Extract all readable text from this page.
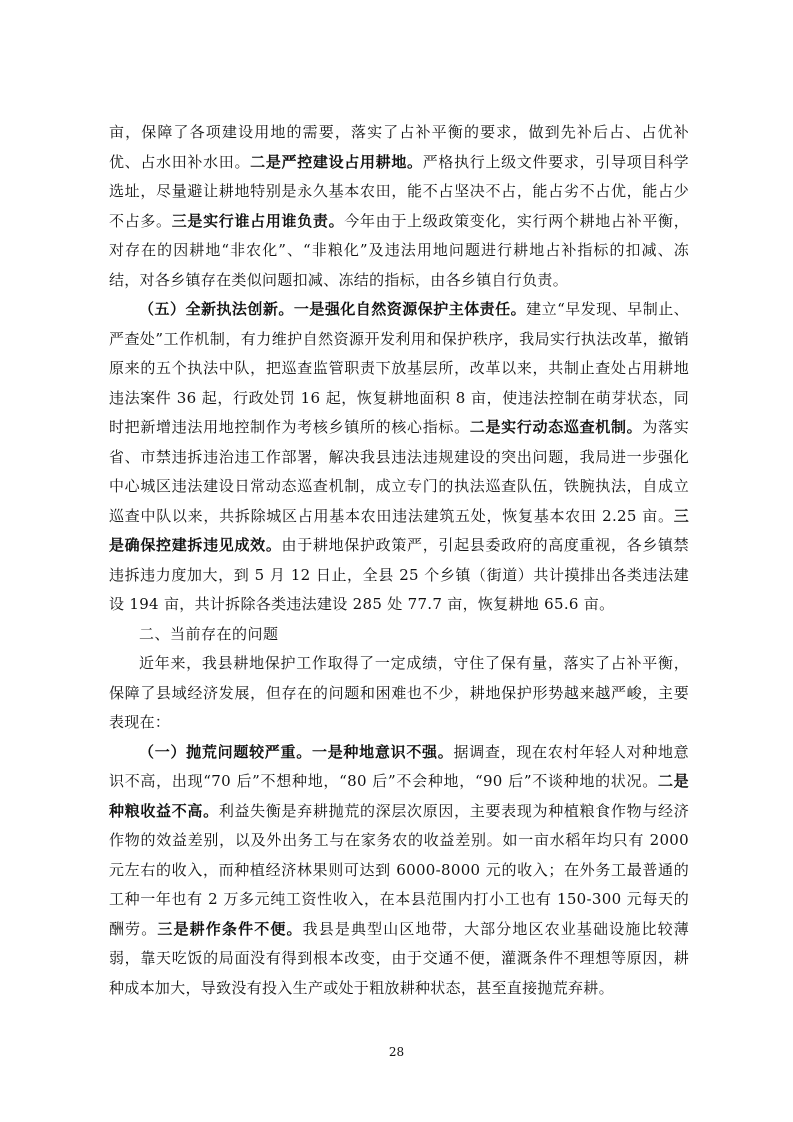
亩，保障了各项建设用地的需要，落实了占补平衡的要求，做到先补后占、占优补优、占水田补水田。二是严控建设占用耕地。严格执行上级文件要求，引导项目科学选址，尽量避让耕地特别是永久基本农田，能不占坚决不占，能占劣不占优，能占少不占多。三是实行谁占用谁负责。今年由于上级政策变化，实行两个耕地占补平衡，对存在的因耕地“非农化”、“非粮化”及违法用地问题进行耕地占补指标的扣减、冻结，对各乡镇存在类似问题扣减、冻结的指标，由各乡镇自行负责。

（五）全新执法创新。一是强化自然资源保护主体责任。建立“早发现、早制止、严查处”工作机制，有力维护自然资源开发利用和保护秩序，我局实行执法改革，撤销原来的五个执法中队，把巡查监管职责下放基层所，改革以来，共制止查处占用耕地违法案件 36 起，行政处罚 16 起，恢复耕地面积 8 亩，使违法控制在萌芽状态，同时把新增违法用地控制作为考核乡镇所的核心指标。二是实行动态巡查机制。为落实省、市禁违拆违治违工作部署，解决我县违法违规建设的突出问题，我局进一步强化中心城区违法建设日常动态巡查机制，成立专门的执法巡查队伍，铁腕执法，自成立巡查中队以来，共拆除城区占用基本农田违法建筑五处，恢复基本农田 2.25 亩。三是确保控建拆违见成效。由于耕地保护政策严，引起县委政府的高度重视，各乡镇禁违拆违力度加大，到 5 月 12 日止，全县 25 个乡镇（街道）共计摸排出各类违法建设 194 亩，共计拆除各类违法建设 285 处 77.7 亩，恢复耕地 65.6 亩。

二、当前存在的问题

近年来，我县耕地保护工作取得了一定成绩，守住了保有量，落实了占补平衡，保障了县域经济发展，但存在的问题和困难也不少，耕地保护形势越来越严峻，主要表现在：

（一）抛荒问题较严重。一是种地意识不强。据调查，现在农村年轻人对种地意识不高，出现“70 后”不想种地，“80 后”不会种地，“90 后”不谈种地的状况。二是种粮收益不高。利益失衡是弃耕抛荒的深层次原因，主要表现为种植粮食作物与经济作物的效益差别，以及外出务工与在家务农的收益差别。如一亩水稻年均只有 2000 元左右的收入，而种植经济林果则可达到 6000-8000 元的收入；在外务工最普通的工种一年也有 2 万多元纯工资性收入，在本县范围内打小工也有 150-300 元每天的酬劳。三是耕作条件不便。我县是典型山区地带，大部分地区农业基础设施比较薄弱，靠天吃饭的局面没有得到根本改变，由于交通不便，灌溉条件不理想等原因，耕种成本加大，导致没有投入生产或处于粗放耕种状态，甚至直接抛荒弃耕。

28
